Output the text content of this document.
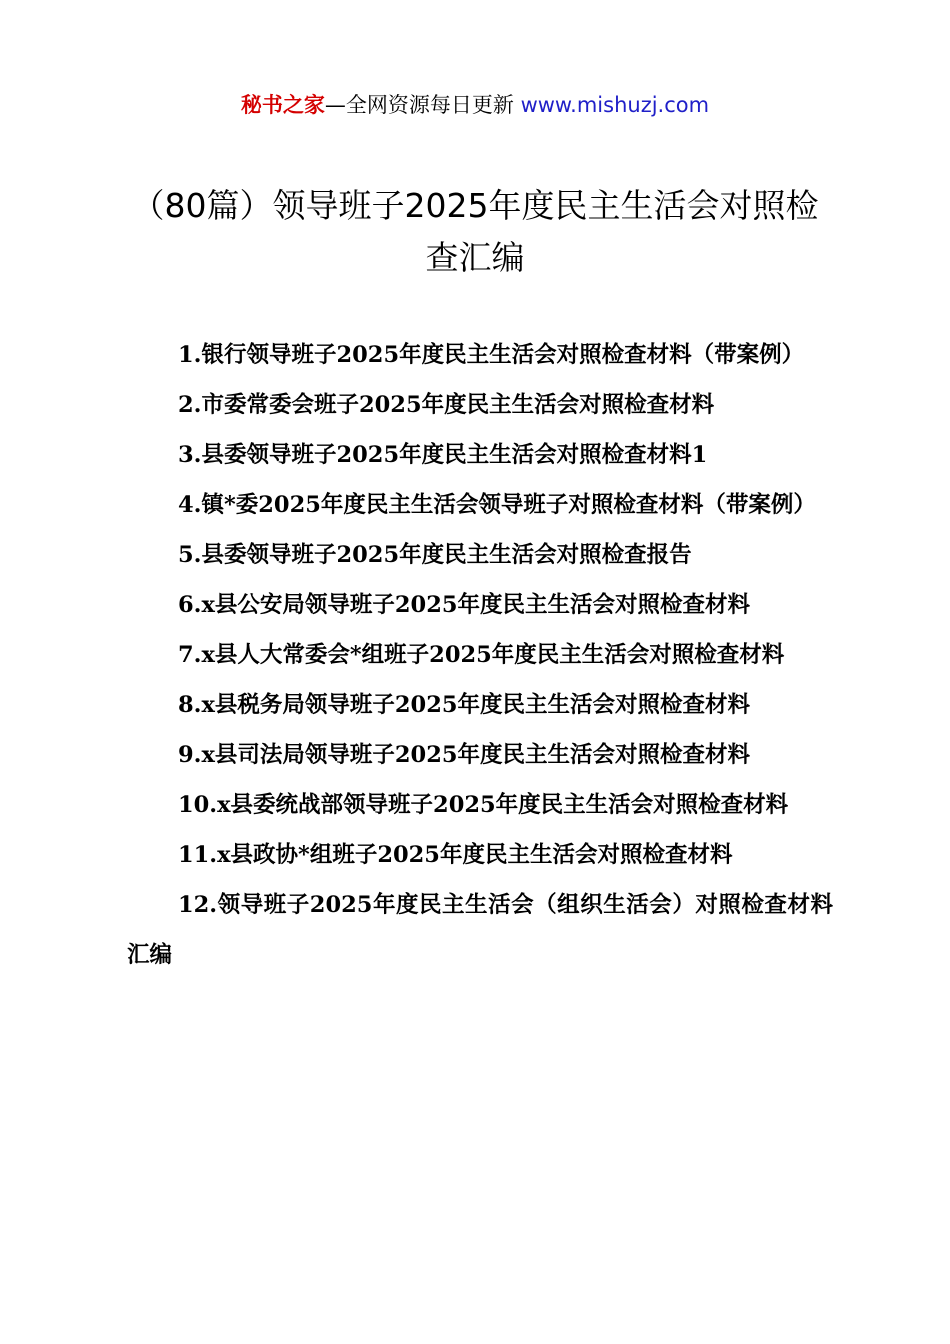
秘书之家—全网资源每日更新 www.mishuzj.com
（80篇）领导班子2025年度民主生活会对照检查汇编
1.银行领导班子2025年度民主生活会对照检查材料（带案例）
2.市委常委会班子2025年度民主生活会对照检查材料
3.县委领导班子2025年度民主生活会对照检查材料1
4.镇*委2025年度民主生活会领导班子对照检查材料（带案例）
5.县委领导班子2025年度民主生活会对照检查报告
6.x县公安局领导班子2025年度民主生活会对照检查材料
7.x县人大常委会*组班子2025年度民主生活会对照检查材料
8.x县税务局领导班子2025年度民主生活会对照检查材料
9.x县司法局领导班子2025年度民主生活会对照检查材料
10.x县委统战部领导班子2025年度民主生活会对照检查材料
11.x县政协*组班子2025年度民主生活会对照检查材料
12.领导班子2025年度民主生活会（组织生活会）对照检查材料汇编
